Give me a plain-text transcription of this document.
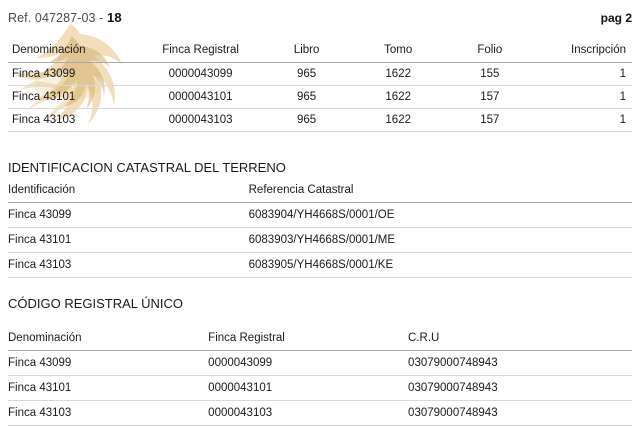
Ref. 047287-03 - 18	pag 2
Denominación	Finca Registral	Libro	Tomo	Folio	Inscripción
Finca 43099	0000043099	965	1622	155	1
Finca 43101	0000043101	965	1622	157	1
Finca 43103	0000043103	965	1622	157	1
IDENTIFICACION CATASTRAL DEL TERRENO
Identificación	Referencia Catastral
Finca 43099	6083904/YH4668S/0001/OE
Finca 43101	6083903/YH4668S/0001/ME
Finca 43103	6083905/YH4668S/0001/KE
CÓDIGO REGISTRAL ÚNICO
Denominación	Finca Registral	C.R.U
Finca 43099	0000043099	03079000748943
Finca 43101	0000043101	03079000748943
Finca 43103	0000043103	03079000748943
